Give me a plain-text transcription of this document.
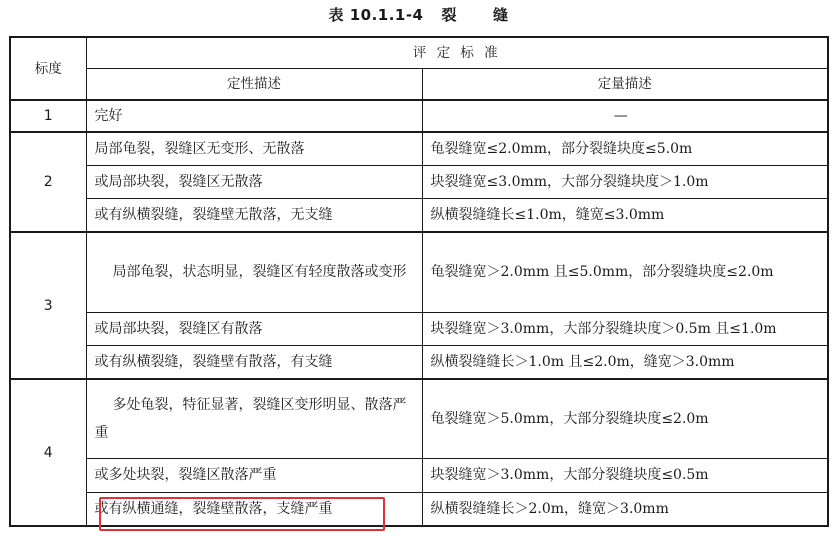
表 10.1.1-4 裂 缝
标度	评 定 标 准	
	定性描述	定量描述
1	完好	—
2	局部龟裂，裂缝区无变形、无散落	龟裂缝宽≤2.0mm，部分裂缝块度≤5.0m
	或局部块裂，裂缝区无散落	块裂缝宽≤3.0mm，大部分裂缝块度＞1.0m
	或有纵横裂缝，裂缝壁无散落，无支缝	纵横裂缝缝长≤1.0m，缝宽≤3.0mm
3	局部龟裂，状态明显，裂缝区有轻度散落或变形	龟裂缝宽＞2.0mm 且≤5.0mm，部分裂缝块度≤2.0m
	或局部块裂，裂缝区有散落	块裂缝宽＞3.0mm，大部分裂缝块度＞0.5m 且≤1.0m
	或有纵横裂缝，裂缝壁有散落，有支缝	纵横裂缝缝长＞1.0m 且≤2.0m，缝宽＞3.0mm
4	多处龟裂，特征显著，裂缝区变形明显、散落严重	龟裂缝宽＞5.0mm，大部分裂缝块度≤2.0m
	或多处块裂，裂缝区散落严重	块裂缝宽＞3.0mm，大部分裂缝块度≤0.5m
	或有纵横通缝，裂缝壁散落，支缝严重	纵横裂缝缝长＞2.0m，缝宽＞3.0mm
